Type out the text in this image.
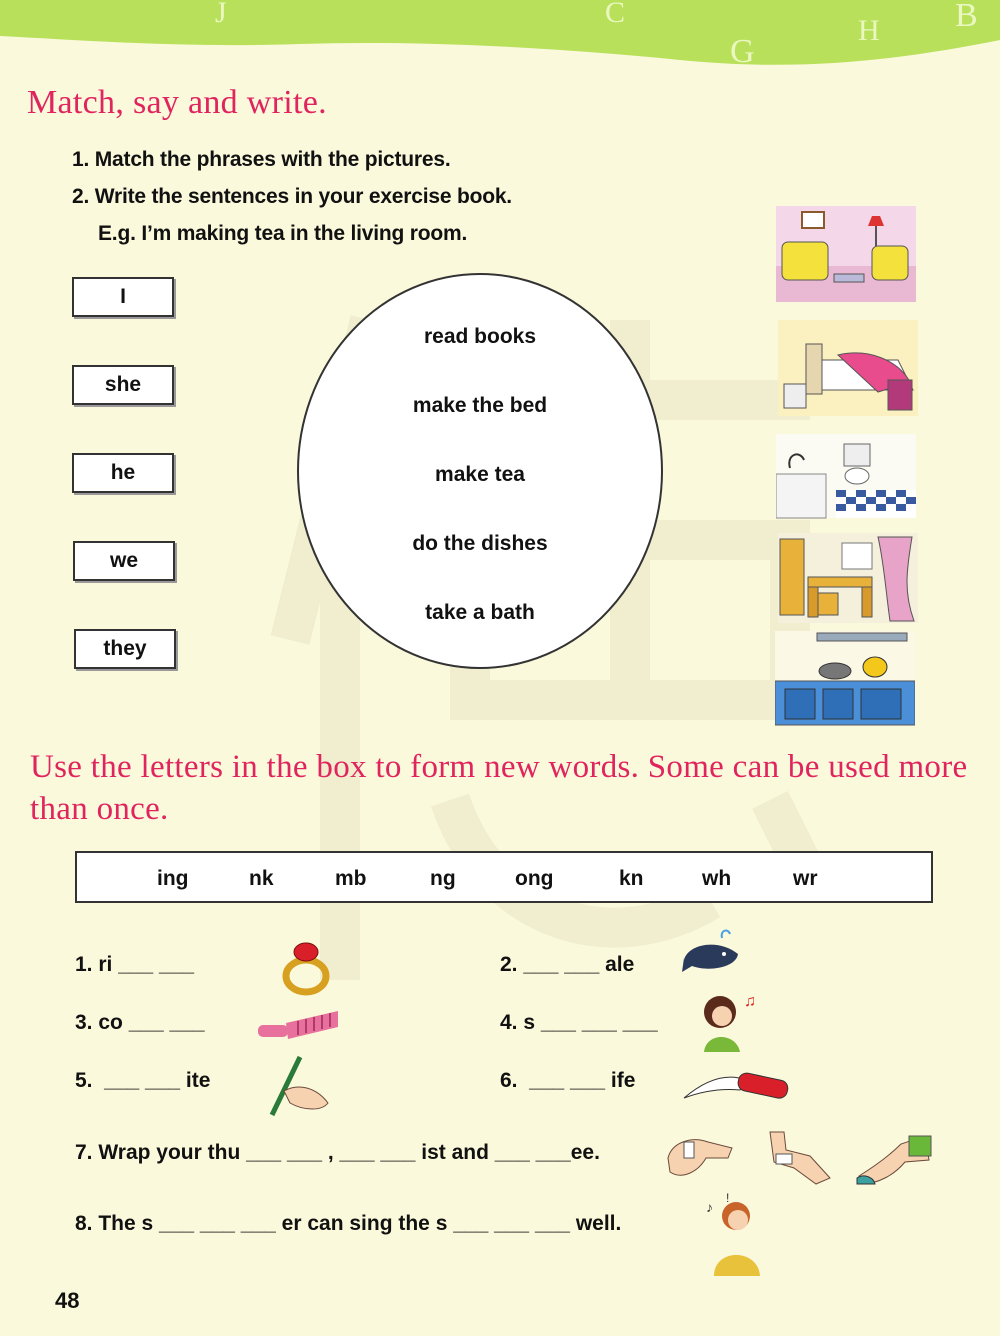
J	C
G
H B
Match, say and write.
1. Match the phrases with the pictures.
2. Write the sentences in your exercise book.
E.g. I’m making tea in the living room.
I
she
he
we
they
read books
make the bed
make tea
do the dishes
take a bath
Use the letters in the box to form new words. Some can be used more than once.
ing	nk	mb	ng	ong	kn	wh	wr
1. ri ___ ___	2. ___ ___ ale
3. co ___ ___	4. s ___ ___ ___
5.  ___ ___ ite	6.  ___ ___ ife
7. Wrap your thu ___ ___ , ___ ___ ist and ___ ___ee.
8. The s ___ ___ ___ er can sing the s ___ ___ ___ well.
♫
♪
!
48
